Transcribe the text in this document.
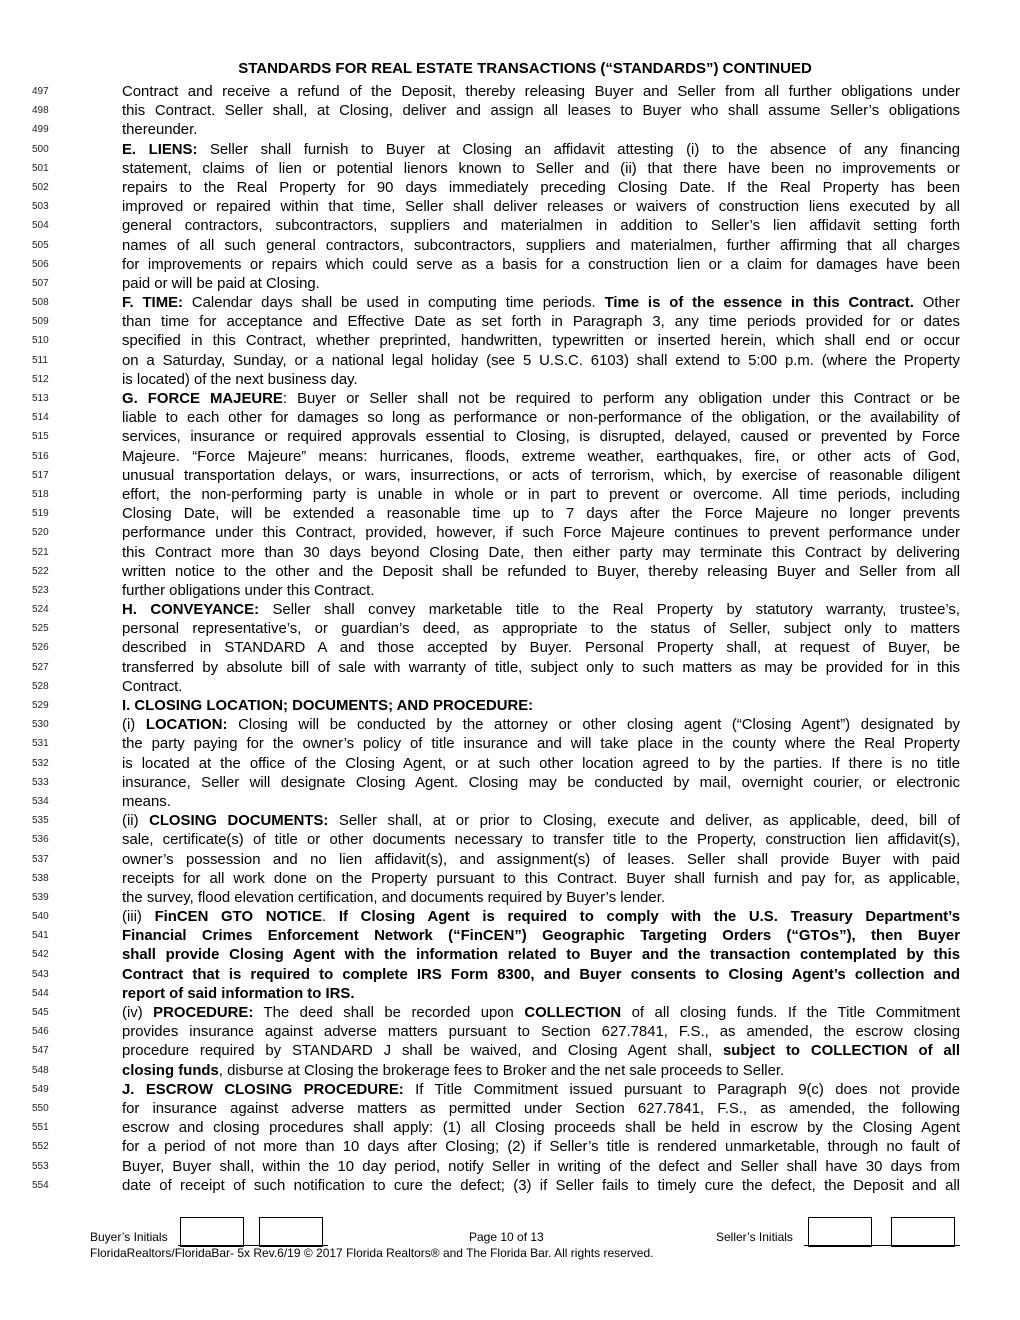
STANDARDS FOR REAL ESTATE TRANSACTIONS (“STANDARDS”) CONTINUED
497	Contract and receive a refund of the Deposit, thereby releasing Buyer and Seller from all further obligations under
498	this Contract. Seller shall, at Closing, deliver and assign all leases to Buyer who shall assume Seller’s obligations
499	thereunder.
500	E. LIENS: Seller shall furnish to Buyer at Closing an affidavit attesting (i) to the absence of any financing
501	statement, claims of lien or potential lienors known to Seller and (ii) that there have been no improvements or
502	repairs to the Real Property for 90 days immediately preceding Closing Date. If the Real Property has been
503	improved or repaired within that time, Seller shall deliver releases or waivers of construction liens executed by all
504	general contractors, subcontractors, suppliers and materialmen in addition to Seller’s lien affidavit setting forth
505	names of all such general contractors, subcontractors, suppliers and materialmen, further affirming that all charges
506	for improvements or repairs which could serve as a basis for a construction lien or a claim for damages have been
507	paid or will be paid at Closing.
508	F. TIME: Calendar days shall be used in computing time periods. Time is of the essence in this Contract. Other
509	than time for acceptance and Effective Date as set forth in Paragraph 3, any time periods provided for or dates
510	specified in this Contract, whether preprinted, handwritten, typewritten or inserted herein, which shall end or occur
511	on a Saturday, Sunday, or a national legal holiday (see 5 U.S.C. 6103) shall extend to 5:00 p.m. (where the Property
512	is located) of the next business day.
513	G. FORCE MAJEURE: Buyer or Seller shall not be required to perform any obligation under this Contract or be
514	liable to each other for damages so long as performance or non-performance of the obligation, or the availability of
515	services, insurance or required approvals essential to Closing, is disrupted, delayed, caused or prevented by Force
516	Majeure. “Force Majeure” means: hurricanes, floods, extreme weather, earthquakes, fire, or other acts of God,
517	unusual transportation delays, or wars, insurrections, or acts of terrorism, which, by exercise of reasonable diligent
518	effort, the non-performing party is unable in whole or in part to prevent or overcome. All time periods, including
519	Closing Date, will be extended a reasonable time up to 7 days after the Force Majeure no longer prevents
520	performance under this Contract, provided, however, if such Force Majeure continues to prevent performance under
521	this Contract more than 30 days beyond Closing Date, then either party may terminate this Contract by delivering
522	written notice to the other and the Deposit shall be refunded to Buyer, thereby releasing Buyer and Seller from all
523	further obligations under this Contract.
524	H. CONVEYANCE: Seller shall convey marketable title to the Real Property by statutory warranty, trustee’s,
525	personal representative’s, or guardian’s deed, as appropriate to the status of Seller, subject only to matters
526	described in STANDARD A and those accepted by Buyer. Personal Property shall, at request of Buyer, be
527	transferred by absolute bill of sale with warranty of title, subject only to such matters as may be provided for in this
528	Contract.
529	I. CLOSING LOCATION; DOCUMENTS; AND PROCEDURE:
530	(i) LOCATION: Closing will be conducted by the attorney or other closing agent (“Closing Agent”) designated by
531	the party paying for the owner’s policy of title insurance and will take place in the county where the Real Property
532	is located at the office of the Closing Agent, or at such other location agreed to by the parties. If there is no title
533	insurance, Seller will designate Closing Agent. Closing may be conducted by mail, overnight courier, or electronic
534	means.
535	(ii) CLOSING DOCUMENTS: Seller shall, at or prior to Closing, execute and deliver, as applicable, deed, bill of
536	sale, certificate(s) of title or other documents necessary to transfer title to the Property, construction lien affidavit(s),
537	owner’s possession and no lien affidavit(s), and assignment(s) of leases. Seller shall provide Buyer with paid
538	receipts for all work done on the Property pursuant to this Contract. Buyer shall furnish and pay for, as applicable,
539	the survey, flood elevation certification, and documents required by Buyer’s lender.
540	(iii) FinCEN GTO NOTICE. If Closing Agent is required to comply with the U.S. Treasury Department’s
541	Financial Crimes Enforcement Network (“FinCEN”) Geographic Targeting Orders (“GTOs”), then Buyer
542	shall provide Closing Agent with the information related to Buyer and the transaction contemplated by this
543	Contract that is required to complete IRS Form 8300, and Buyer consents to Closing Agent’s collection and
544	report of said information to IRS.
545	(iv) PROCEDURE: The deed shall be recorded upon COLLECTION of all closing funds. If the Title Commitment
546	provides insurance against adverse matters pursuant to Section 627.7841, F.S., as amended, the escrow closing
547	procedure required by STANDARD J shall be waived, and Closing Agent shall, subject to COLLECTION of all
548	closing funds, disburse at Closing the brokerage fees to Broker and the net sale proceeds to Seller.
549	J. ESCROW CLOSING PROCEDURE: If Title Commitment issued pursuant to Paragraph 9(c) does not provide
550	for insurance against adverse matters as permitted under Section 627.7841, F.S., as amended, the following
551	escrow and closing procedures shall apply: (1) all Closing proceeds shall be held in escrow by the Closing Agent
552	for a period of not more than 10 days after Closing; (2) if Seller’s title is rendered unmarketable, through no fault of
553	Buyer, Buyer shall, within the 10 day period, notify Seller in writing of the defect and Seller shall have 30 days from
554	date of receipt of such notification to cure the defect; (3) if Seller fails to timely cure the defect, the Deposit and all
Buyer’s Initials	Page 10 of 13	Seller’s Initials
FloridaRealtors/FloridaBar- 5x Rev.6/19 © 2017 Florida Realtors® and The Florida Bar. All rights reserved.
